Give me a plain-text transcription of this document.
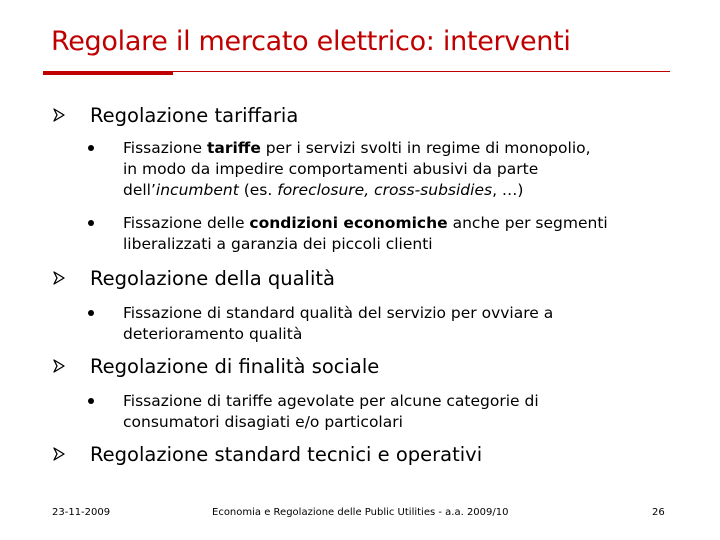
Regolare il mercato elettrico: interventi
Regolazione tariffaria
Fissazione tariffe per i servizi svolti in regime di monopolio,
in modo da impedire comportamenti abusivi da parte
dell’incumbent (es. foreclosure, cross-subsidies, …)
Fissazione delle condizioni economiche anche per segmenti
liberalizzati a garanzia dei piccoli clienti
Regolazione della qualità
Fissazione di standard qualità del servizio per ovviare a
deterioramento qualità
Regolazione di finalità sociale
Fissazione di tariffe agevolate per alcune categorie di
consumatori disagiati e/o particolari
Regolazione standard tecnici e operativi
23-11-2009	Economia e Regolazione delle Public Utilities - a.a. 2009/10	26
